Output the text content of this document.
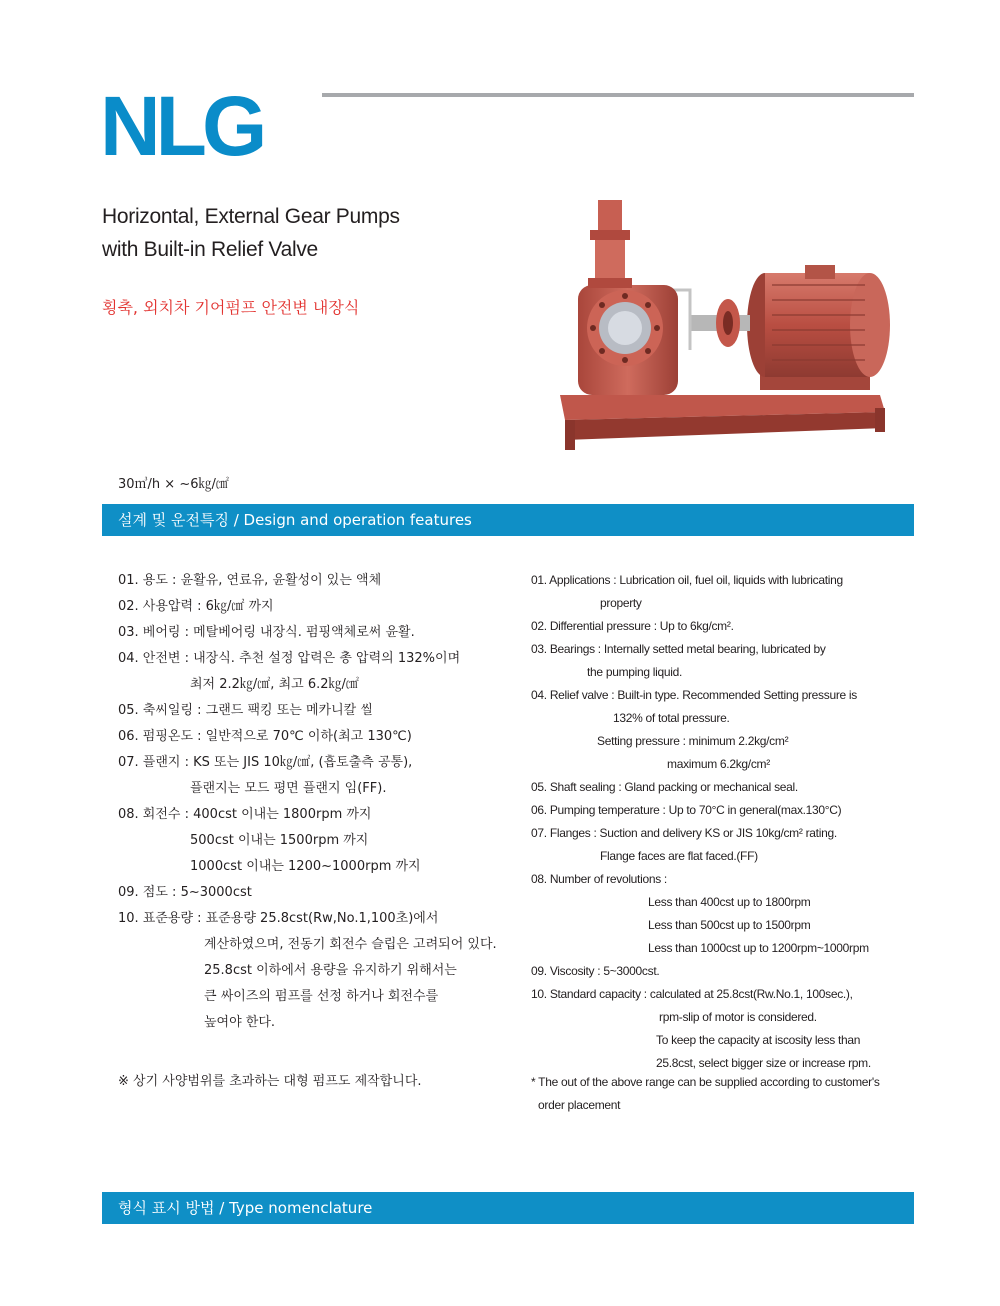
NLG
Horizontal, External Gear Pumps
with Built-in Relief Valve
횡축, 외치차 기어펌프 안전변 내장식
30㎥/h × ~6㎏/㎠
설계 및 운전특징 / Design and operation features
01. 용도 : 윤활유, 연료유, 윤활성이 있는 액체
02. 사용압력 : 6㎏/㎠ 까지
03. 베어링 : 메탈베어링 내장식. 펌핑액체로써 윤활.
04. 안전변 : 내장식. 추천 설정 압력은 총 압력의 132%이며
최저 2.2㎏/㎠, 최고 6.2㎏/㎠
05. 축씨일링 : 그랜드 팩킹 또는 메카니칼 씰
06. 펌핑온도 : 일반적으로 70℃ 이하(최고 130℃)
07. 플랜지 : KS 또는 JIS 10㎏/㎠, (흡토출측 공통),
플랜지는 모드 평면 플랜지 임(FF).
08. 회전수 : 400cst 이내는 1800rpm 까지
500cst 이내는 1500rpm 까지
1000cst 이내는 1200~1000rpm 까지
09. 점도 : 5~3000cst
10. 표준용량 : 표준용량 25.8cst(Rw,No.1,100초)에서
계산하였으며, 전동기 회전수 슬립은 고려되어 있다.
25.8cst 이하에서 용량을 유지하기 위해서는
큰 싸이즈의 펌프를 선정 하거나 회전수를
높여야 한다.
01. Applications : Lubrication oil, fuel oil, liquids with lubricating
property
02. Differential pressure : Up to 6kg/cm².
03. Bearings : Internally setted metal bearing, lubricated by
the pumping liquid.
04. Relief valve : Built-in type. Recommended Setting pressure is
132% of total pressure.
Setting pressure : minimum 2.2kg/cm²
maximum 6.2kg/cm²
05. Shaft sealing : Gland packing or mechanical seal.
06. Pumping temperature : Up to 70°C in general(max.130°C)
07. Flanges : Suction and delivery KS or JIS 10kg/cm² rating.
Flange faces are flat faced.(FF)
08. Number of revolutions :
Less than 400cst up to 1800rpm
Less than 500cst up to 1500rpm
Less than 1000cst up to 1200rpm~1000rpm
09. Viscosity : 5~3000cst.
10. Standard capacity : calculated at 25.8cst(Rw.No.1, 100sec.),
rpm-slip of motor is considered.
To keep the capacity at iscosity less than
25.8cst, select bigger size or increase rpm.
※ 상기 사양범위를 초과하는 대형 펌프도 제작합니다.	* The out of the above range can be supplied according to customer's
order placement
형식 표시 방법 / Type nomenclature
